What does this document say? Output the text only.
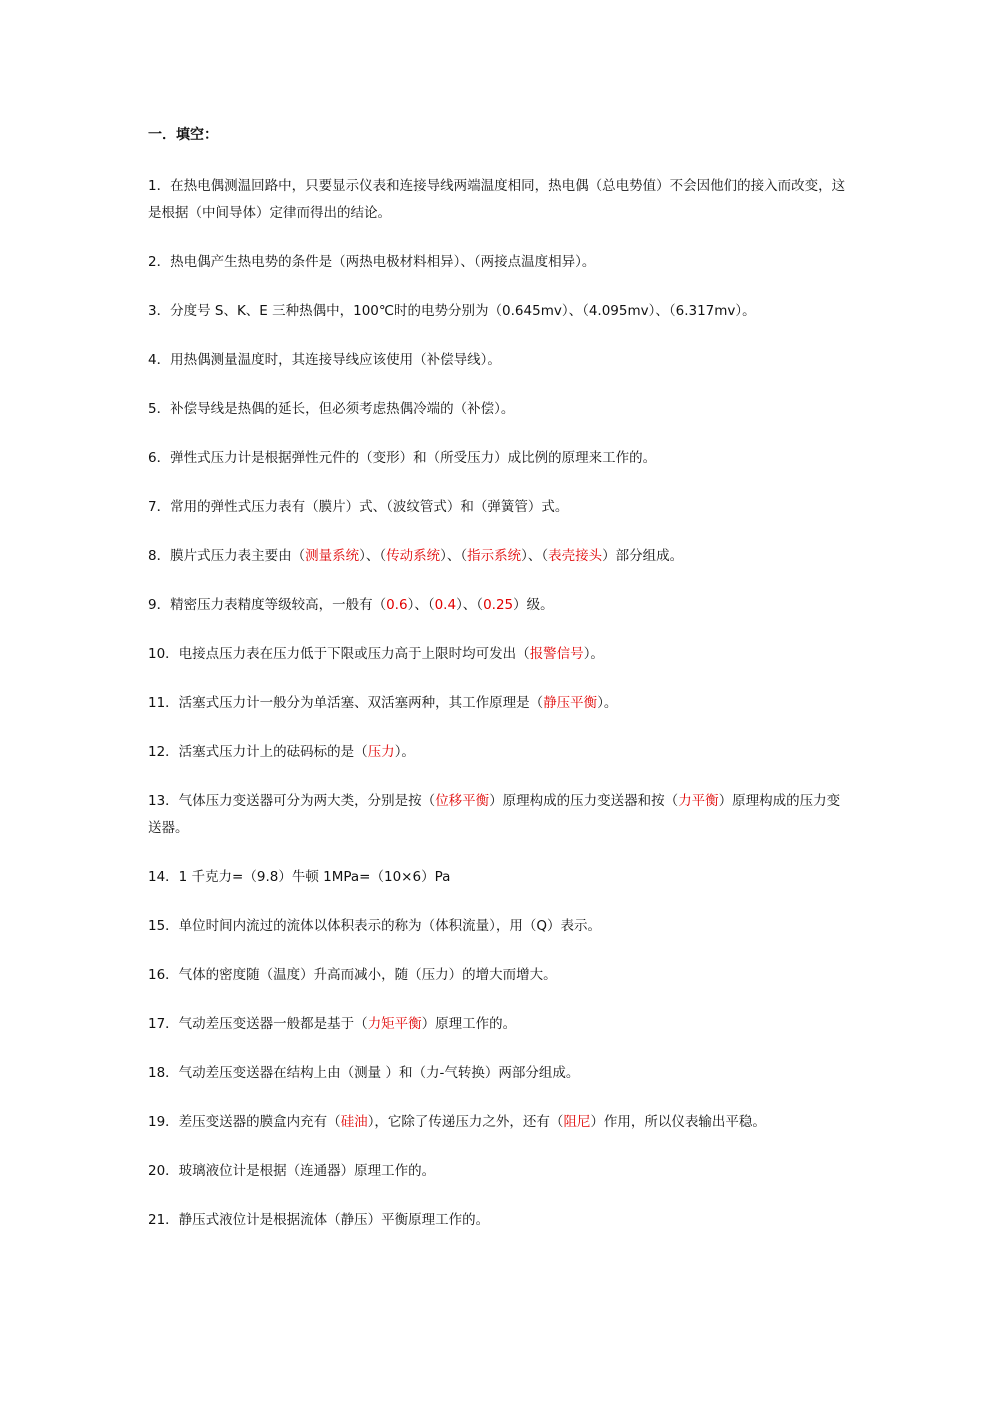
一．填空：
1．在热电偶测温回路中，只要显示仪表和连接导线两端温度相同，热电偶（总电势值）不会因他们的接入而改变，这是根据（中间导体）定律而得出的结论。
2．热电偶产生热电势的条件是（两热电极材料相异）、（两接点温度相异）。
3．分度号 S、K、E 三种热偶中，100℃时的电势分别为（0.645mv）、（4.095mv）、（6.317mv）。
4．用热偶测量温度时，其连接导线应该使用（补偿导线）。
5．补偿导线是热偶的延长，但必须考虑热偶冷端的（补偿）。
6．弹性式压力计是根据弹性元件的（变形）和（所受压力）成比例的原理来工作的。
7．常用的弹性式压力表有（膜片）式、（波纹管式）和（弹簧管）式。
8．膜片式压力表主要由（测量系统）、（传动系统）、（指示系统）、（表壳接头）部分组成。
9．精密压力表精度等级较高，一般有（0.6）、（0.4）、（0.25）级。
10．电接点压力表在压力低于下限或压力高于上限时均可发出（报警信号）。
11．活塞式压力计一般分为单活塞、双活塞两种，其工作原理是（静压平衡）。
12．活塞式压力计上的砝码标的是（压力）。
13．气体压力变送器可分为两大类，分别是按（位移平衡）原理构成的压力变送器和按（力平衡）原理构成的压力变送器。
14．1 千克力=（9.8）牛顿 1MPa=（10×6）Pa
15．单位时间内流过的流体以体积表示的称为（体积流量），用（Q）表示。
16．气体的密度随（温度）升高而减小，随（压力）的增大而增大。
17．气动差压变送器一般都是基于（力矩平衡）原理工作的。
18．气动差压变送器在结构上由（测量 ）和（力-气转换）两部分组成。
19．差压变送器的膜盒内充有（硅油），它除了传递压力之外，还有（阻尼）作用，所以仪表输出平稳。
20．玻璃液位计是根据（连通器）原理工作的。
21．静压式液位计是根据流体（静压）平衡原理工作的。
